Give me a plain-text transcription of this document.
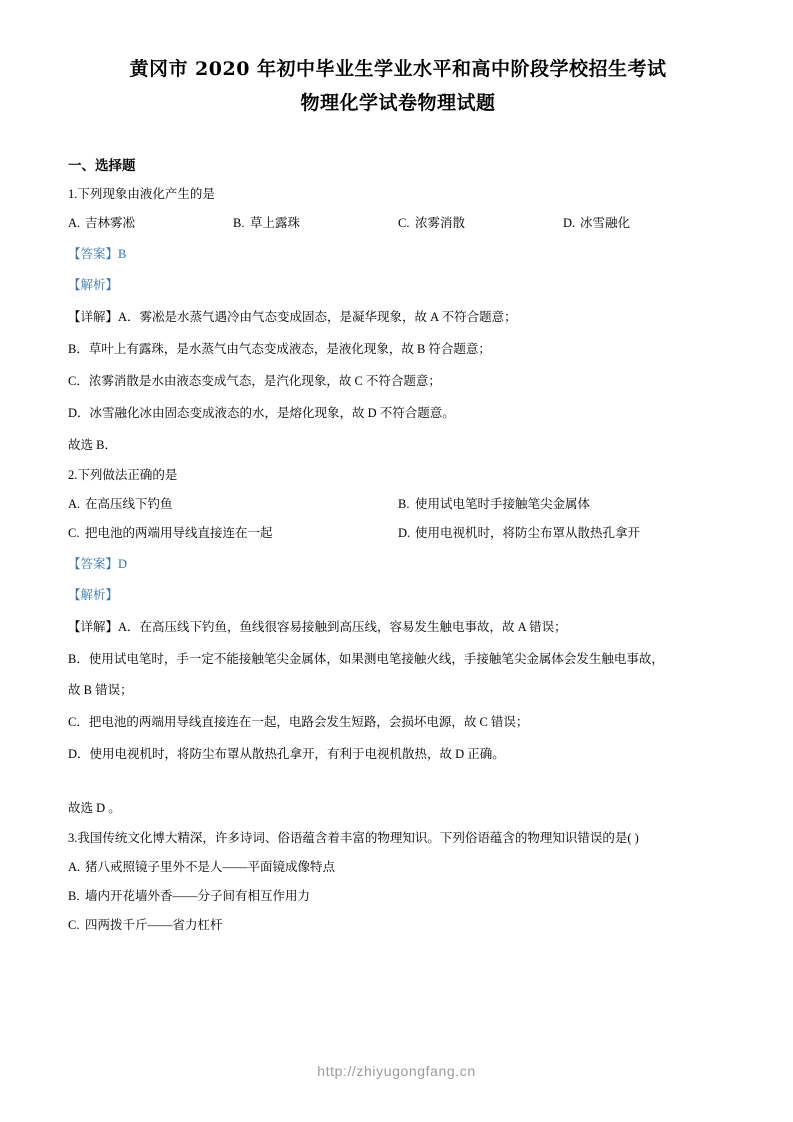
黄冈市 2020 年初中毕业生学业水平和高中阶段学校招生考试
物理化学试卷物理试题
一、选择题
1.下列现象由液化产生的是
A. 吉林雾凇	B. 草上露珠	C. 浓雾消散	D. 冰雪融化
【答案】B
【解析】
【详解】A．雾凇是水蒸气遇冷由气态变成固态，是凝华现象，故 A 不符合题意；
B．草叶上有露珠，是水蒸气由气态变成液态，是液化现象，故 B 符合题意；
C．浓雾消散是水由液态变成气态，是汽化现象，故 C 不符合题意；
D．冰雪融化冰由固态变成液态的水，是熔化现象，故 D 不符合题意。
故选 B．
2.下列做法正确的是
A. 在高压线下钓鱼	B. 使用试电笔时手接触笔尖金属体
C. 把电池的两端用导线直接连在一起	D. 使用电视机时，将防尘布罩从散热孔拿开
【答案】D
【解析】
【详解】A．在高压线下钓鱼，鱼线很容易接触到高压线，容易发生触电事故，故 A 错误；
B．使用试电笔时，手一定不能接触笔尖金属体，如果测电笔接触火线，手接触笔尖金属体会发生触电事故，
故 B 错误；
C．把电池的两端用导线直接连在一起，电路会发生短路，会损坏电源，故 C 错误；
D．使用电视机时，将防尘布罩从散热孔拿开，有利于电视机散热，故 D 正确。
故选 D 。
3.我国传统文化博大精深，许多诗词、俗语蕴含着丰富的物理知识。下列俗语蕴含的物理知识错误的是( )
A. 猪八戒照镜子里外不是人——平面镜成像特点
B. 墙内开花墙外香——分子间有相互作用力
C. 四两拨千斤——省力杠杆
http://zhiyugongfang.cn
